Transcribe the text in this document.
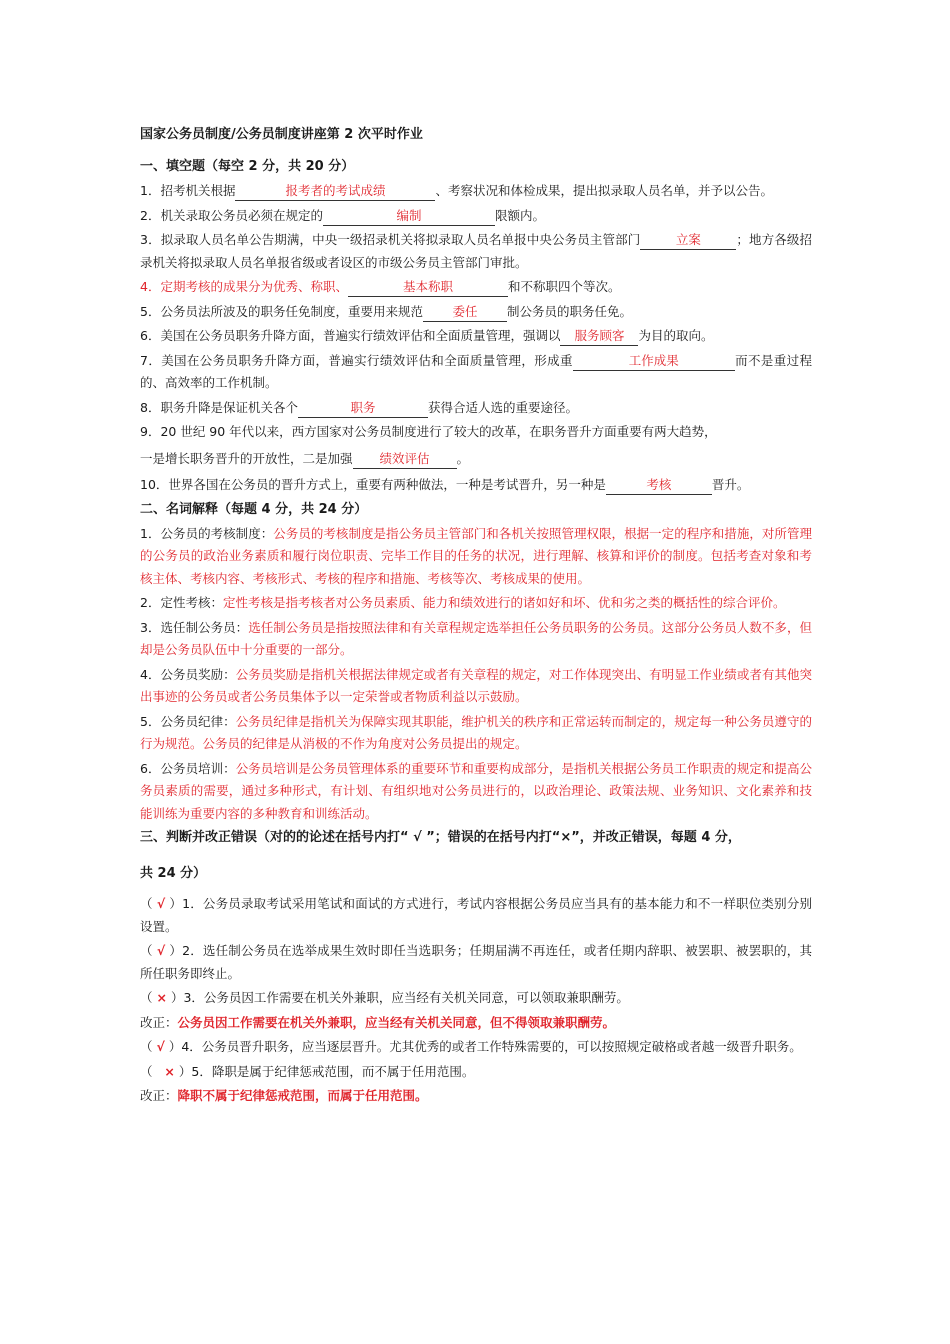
国家公务员制度/公务员制度讲座第 2 次平时作业
一、填空题（每空 2 分，共 20 分）
1．招考机关根据	报考者的考试成绩	、考察状况和体检成果，提出拟录取人员名单，并予以公告。
2．机关录取公务员必须在规定的	编制	限额内。
3．拟录取人员名单公告期满，中央一级招录机关将拟录取人员名单报中央公务员主管部门	立案	；地方各级招录机关将拟录取人员名单报省级或者设区的市级公务员主管部门审批。
4．定期考核的成果分为优秀、称职、	基本称职	和不称职四个等次。
5．公务员法所波及的职务任免制度，重要用来规范 委任 制公务员的职务任免。
6．美国在公务员职务升降方面，普遍实行绩效评估和全面质量管理，强调以 服务顾客 为目的取向。
7．美国在公务员职务升降方面，普遍实行绩效评估和全面质量管理，形成重	工作成果	而不是重过程的、高效率的工作机制。
8．职务升降是保证机关各个	职务	获得合适人选的重要途径。
9．20 世纪 90 年代以来，西方国家对公务员制度进行了较大的改革，在职务晋升方面重要有两大趋势，
一是增长职务晋升的开放性，二是加强 绩效评估 。
10．世界各国在公务员的晋升方式上，重要有两种做法，一种是考试晋升，另一种是	考核	晋升。
二、名词解释（每题 4 分，共 24 分）
1．公务员的考核制度：公务员的考核制度是指公务员主管部门和各机关按照管理权限，根据一定的程序和措施，对所管理的公务员的政治业务素质和履行岗位职责、完毕工作目的任务的状况，进行理解、核算和评价的制度。包括考查对象和考核主体、考核内容、考核形式、考核的程序和措施、考核等次、考核成果的使用。
2．定性考核：定性考核是指考核者对公务员素质、能力和绩效进行的诸如好和坏、优和劣之类的概括性的综合评价。
3．选任制公务员：选任制公务员是指按照法律和有关章程规定选举担任公务员职务的公务员。这部分公务员人数不多，但却是公务员队伍中十分重要的一部分。
4．公务员奖励：公务员奖励是指机关根据法律规定或者有关章程的规定，对工作体现突出、有明显工作业绩或者有其他突出事迹的公务员或者公务员集体予以一定荣誉或者物质利益以示鼓励。
5．公务员纪律：公务员纪律是指机关为保障实现其职能，维护机关的秩序和正常运转而制定的，规定每一种公务员遵守的行为规范。公务员的纪律是从消极的不作为角度对公务员提出的规定。
6．公务员培训：公务员培训是公务员管理体系的重要环节和重要构成部分，是指机关根据公务员工作职责的规定和提高公务员素质的需要，通过多种形式，有计划、有组织地对公务员进行的，以政治理论、政策法规、业务知识、文化素养和技能训练为重要内容的多种教育和训练活动。
三、判断并改正错误（对的的论述在括号内打“ √ ”；错误的在括号内打“×”，并改正错误，每题 4 分，
共 24 分）
（ √ ）1．公务员录取考试采用笔试和面试的方式进行，考试内容根据公务员应当具有的基本能力和不一样职位类别分别设置。
（ √ ）2．选任制公务员在选举成果生效时即任当选职务；任期届满不再连任，或者任期内辞职、被罢职、被罢职的，其所任职务即终止。
（ × ）3．公务员因工作需要在机关外兼职，应当经有关机关同意，可以领取兼职酬劳。
改正：公务员因工作需要在机关外兼职，应当经有关机关同意，但不得领取兼职酬劳。
（ √ ）4．公务员晋升职务，应当逐层晋升。尤其优秀的或者工作特殊需要的，可以按照规定破格或者越一级晋升职务。
（   × ）5．降职是属于纪律惩戒范围，而不属于任用范围。
改正：降职不属于纪律惩戒范围，而属于任用范围。
